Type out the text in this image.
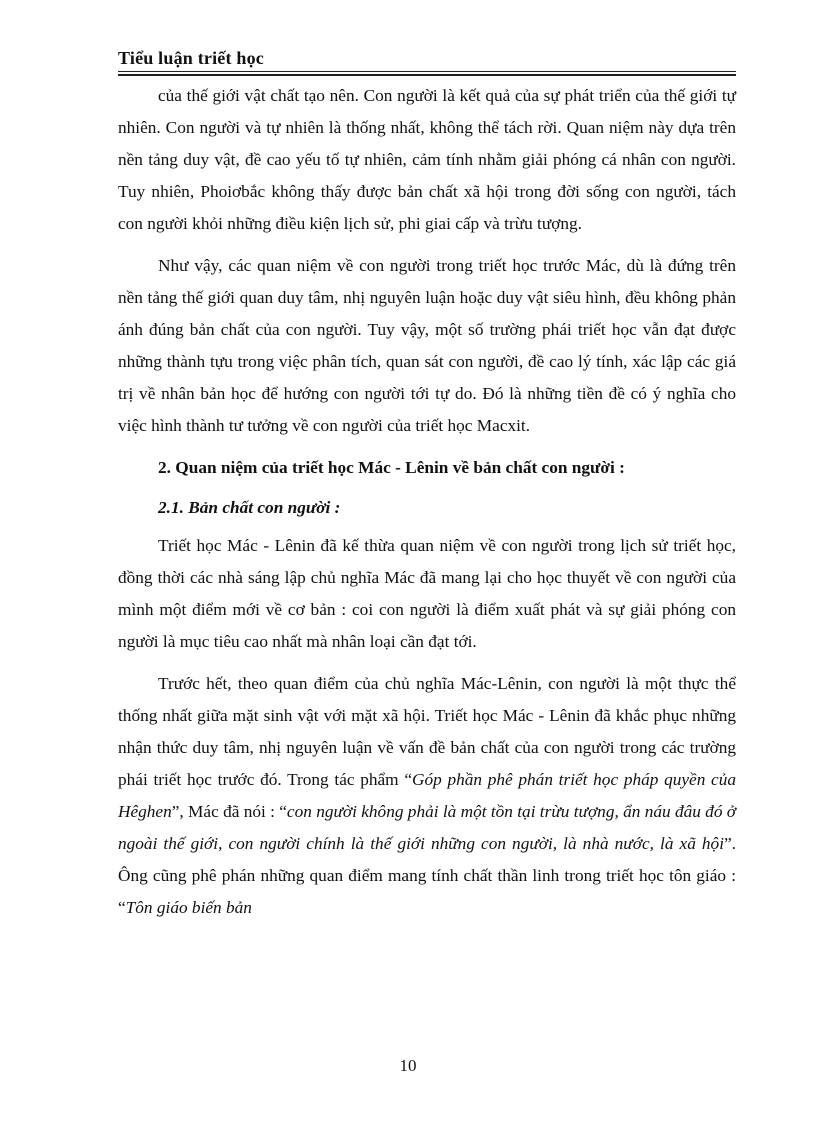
Tiểu luận triết học

của thế giới vật chất tạo nên. Con người là kết quả của sự phát triển của thế giới tự nhiên. Con người và tự nhiên là thống nhất, không thể tách rời. Quan niệm này dựa trên nền tảng duy vật, đề cao yếu tố tự nhiên, cảm tính nhằm giải phóng cá nhân con người. Tuy nhiên, Phoiơbắc không thấy được bản chất xã hội trong đời sống con người, tách con người khỏi những điều kiện lịch sử, phi giai cấp và trừu tượng.

Như vậy, các quan niệm về con người trong triết học trước Mác, dù là đứng trên nền tảng thế giới quan duy tâm, nhị nguyên luận hoặc duy vật siêu hình, đều không phản ánh đúng bản chất của con người. Tuy vậy, một số trường phái triết học vẫn đạt được những thành tựu trong việc phân tích, quan sát con người, đề cao lý tính, xác lập các giá trị về nhân bản học để hướng con người tới tự do. Đó là những tiền đề có ý nghĩa cho việc hình thành tư tưởng về con người của triết học Macxit.

2. Quan niệm của triết học Mác - Lênin về bản chất con người :
2.1. Bản chất con người :

Triết học Mác - Lênin đã kế thừa quan niệm về con người trong lịch sử triết học, đồng thời các nhà sáng lập chủ nghĩa Mác đã mang lại cho học thuyết về con người của mình một điểm mới về cơ bản : coi con người là điểm xuất phát và sự giải phóng con người là mục tiêu cao nhất mà nhân loại cần đạt tới.

Trước hết, theo quan điểm của chủ nghĩa Mác-Lênin, con người là một thực thể thống nhất giữa mặt sinh vật với mặt xã hội. Triết học Mác - Lênin đã khắc phục những nhận thức duy tâm, nhị nguyên luận về vấn đề bản chất của con người trong các trường phái triết học trước đó. Trong tác phẩm “Góp phần phê phán triết học pháp quyền của Hêghen”, Mác đã nói : “con người không phải là một tồn tại trừu tượng, ẩn náu đâu đó ở ngoài thế giới, con người chính là thế giới những con người, là nhà nước, là xã hội”. Ông cũng phê phán những quan điểm mang tính chất thần linh trong triết học tôn giáo : “Tôn giáo biến bản

10
